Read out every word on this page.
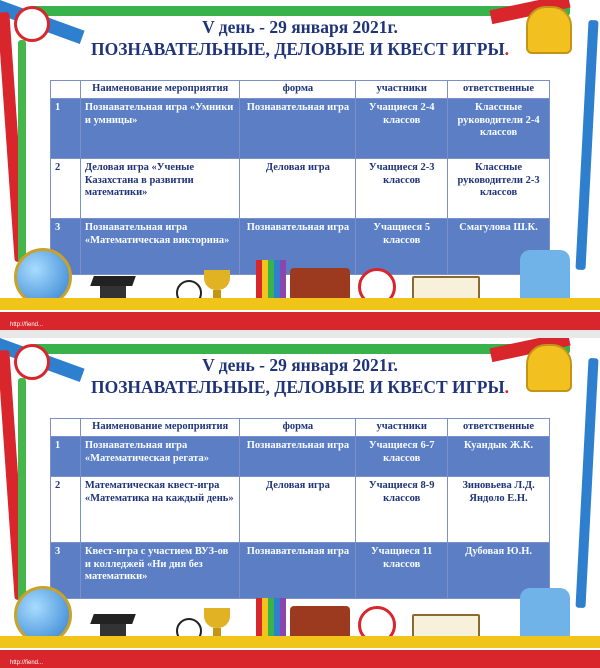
V день - 29 января 2021г.
ПОЗНАВАТЕЛЬНЫЕ, ДЕЛОВЫЕ И КВЕСТ ИГРЫ.
	Наименование мероприятия	форма	участники	ответственные
1	Познавательная игра «Умники и умницы»	Познавательная игра	Учащиеся 2-4 классов	Классные руководители 2-4 классов
2	Деловая игра «Ученые Казахстана в развитии математики»	Деловая игра	Учащиеся 2-3 классов	Классные руководители 2-3 классов
3	Познавательная игра «Математическая викторина»	Познавательная игра	Учащиеся 5 классов	Смагулова Ш.К.
http://fiend...
V день - 29 января 2021г.
ПОЗНАВАТЕЛЬНЫЕ, ДЕЛОВЫЕ И КВЕСТ ИГРЫ.
	Наименование мероприятия	форма	участники	ответственные
1	Познавательная игра «Математическая регата»	Познавательная игра	Учащиеся 6-7 классов	Куандык Ж.К.
2	Математическая квест-игра «Математика на каждый день»	Деловая игра	Учащиеся 8-9 классов	Зиновьева Л.Д. Яндоло Е.Н.
3	Квест-игра с участием ВУЗ-ов и колледжей «Ни дня без математики»	Познавательная игра	Учащиеся 11 классов	Дубовая Ю.Н.
http://fiend...
